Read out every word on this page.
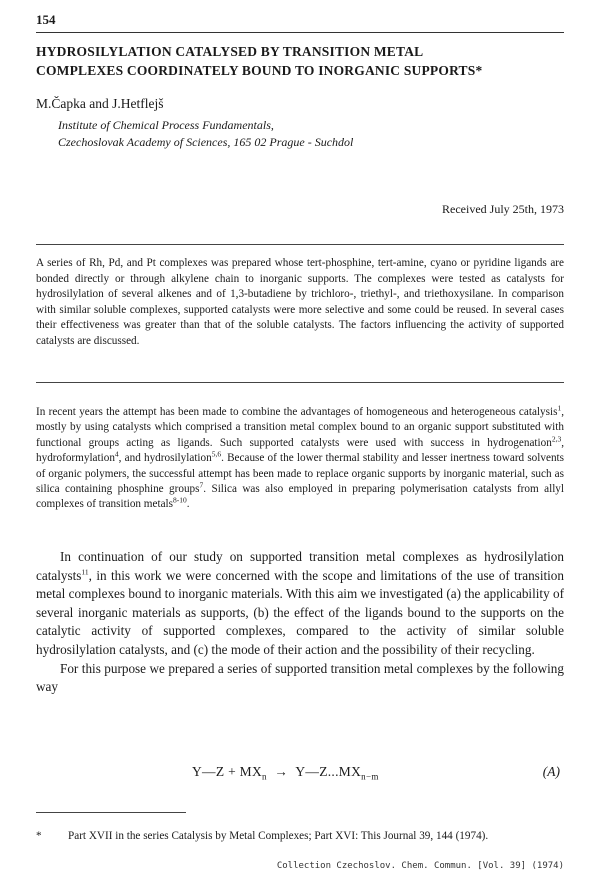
154
HYDROSILYLATION CATALYSED BY TRANSITION METAL
COMPLEXES COORDINATELY BOUND TO INORGANIC SUPPORTS*
M.Čapka and J.Hetflejš
Institute of Chemical Process Fundamentals,
Czechoslovak Academy of Sciences, 165 02 Prague - Suchdol
Received July 25th, 1973

A series of Rh, Pd, and Pt complexes was prepared whose tert-phosphine, tert-amine, cyano or pyridine ligands are bonded directly or through alkylene chain to inorganic supports. The complexes were tested as catalysts for hydrosilylation of several alkenes and of 1,3-butadiene by trichloro-, triethyl-, and triethoxysilane. In comparison with similar soluble complexes, supported catalysts were more selective and some could be reused. In several cases their effectiveness was greater than that of the soluble catalysts. The factors influencing the activity of supported catalysts are discussed.

In recent years the attempt has been made to combine the advantages of homogeneous and heterogeneous catalysis$^1$, mostly by using catalysts which comprised a transition metal complex bound to an organic support substituted with functional groups acting as ligands. Such supported catalysts were used with success in hydrogenation$^{2,3}$, hydroformylation$^4$, and hydrosilylation$^{5,6}$. Because of the lower thermal stability and lesser inertness toward solvents of organic polymers, the successful attempt has been made to replace organic supports by inorganic material, such as silica containing phosphine groups$^7$. Silica was also employed in preparing polymerisation catalysts from allyl complexes of transition metals$^{8-10}$.

In continuation of our study on supported transition metal complexes as hydrosilylation catalysts$^{11}$, in this work we were concerned with the scope and limitations of the use of transition metal complexes bound to inorganic materials. With this aim we investigated (a) the applicability of several inorganic materials as supports, (b) the effect of the ligands bound to the supports on the catalytic activity of supported complexes, compared to the activity of similar soluble hydrosilylation catalysts, and (c) the mode of their action and the possibility of their recycling.

For this purpose we prepared a series of supported transition metal complexes by the following way

Y—Z + $MX_n$ → $Y—Z...MX_{n-m}$	(A)

* Part XVII in the series Catalysis by Metal Complexes; Part XVI: This Journal 39, 144 (1974).

Collection Czechoslov. Chem. Commun. [Vol. 39] (1974)
